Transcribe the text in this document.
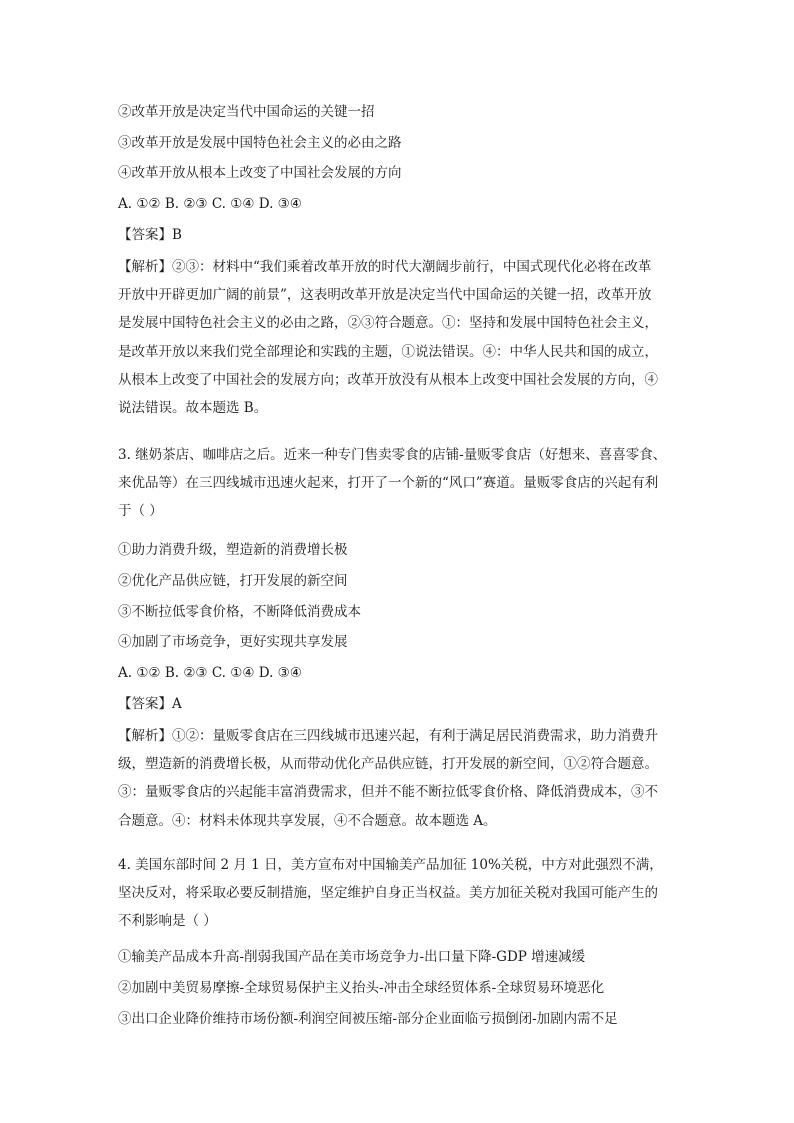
②改革开放是决定当代中国命运的关键一招
③改革开放是发展中国特色社会主义的必由之路
④改革开放从根本上改变了中国社会发展的方向
A. ①② B. ②③ C. ①④ D. ③④
【答案】B
【解析】②③：材料中“我们乘着改革开放的时代大潮阔步前行，中国式现代化必将在改革
开放中开辟更加广阔的前景”，这表明改革开放是决定当代中国命运的关键一招，改革开放
是发展中国特色社会主义的必由之路，②③符合题意。①：坚持和发展中国特色社会主义，
是改革开放以来我们党全部理论和实践的主题，①说法错误。④：中华人民共和国的成立，
从根本上改变了中国社会的发展方向；改革开放没有从根本上改变中国社会发展的方向，④
说法错误。故本题选 B。
3. 继奶茶店、咖啡店之后。近来一种专门售卖零食的店铺-量贩零食店（好想来、喜喜零食、
来优品等）在三四线城市迅速火起来，打开了一个新的“风口”赛道。量贩零食店的兴起有利
于（ ）
①助力消费升级，塑造新的消费增长极
②优化产品供应链，打开发展的新空间
③不断拉低零食价格，不断降低消费成本
④加剧了市场竞争，更好实现共享发展
A. ①② B. ②③ C. ①④ D. ③④
【答案】A
【解析】①②：量贩零食店在三四线城市迅速兴起，有利于满足居民消费需求，助力消费升
级，塑造新的消费增长极，从而带动优化产品供应链，打开发展的新空间，①②符合题意。
③：量贩零食店的兴起能丰富消费需求，但并不能不断拉低零食价格、降低消费成本，③不
合题意。④：材料未体现共享发展，④不合题意。故本题选 A。
4. 美国东部时间 2 月 1 日，美方宣布对中国输美产品加征 10%关税，中方对此强烈不满，
坚决反对，将采取必要反制措施，坚定维护自身正当权益。美方加征关税对我国可能产生的
不利影响是（ ）
①输美产品成本升高-削弱我国产品在美市场竞争力-出口量下降-GDP 增速减缓
②加剧中美贸易摩擦-全球贸易保护主义抬头-冲击全球经贸体系-全球贸易环境恶化
③出口企业降价维持市场份额-利润空间被压缩-部分企业面临亏损倒闭-加剧内需不足
